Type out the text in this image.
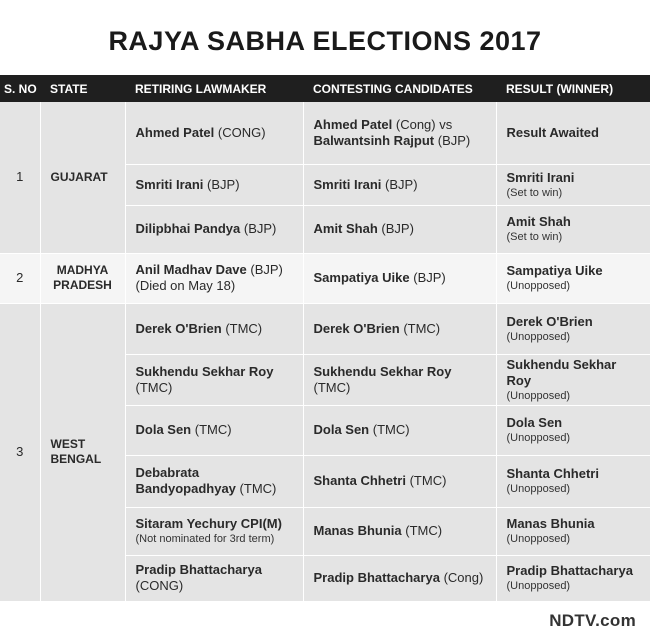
RAJYA SABHA ELECTIONS 2017
S. NO	STATE	RETIRING LAWMAKER	CONTESTING CANDIDATES	RESULT (WINNER)
1	GUJARAT	Ahmed Patel (CONG)	Ahmed Patel (Cong) vs
Balwantsinh Rajput (BJP)	Result Awaited

		Smriti Irani (BJP)	Smriti Irani (BJP)	Smriti Irani
(Set to win)

		Dilipbhai Pandya (BJP)	Amit Shah (BJP)	Amit Shah
(Set to win)

2	MADHYA
PRADESH	Anil Madhav Dave (BJP)
(Died on May 18)	Sampatiya Uike (BJP)	Sampatiya Uike
(Unopposed)

3	WEST
BENGAL	Derek O'Brien (TMC)	Derek O'Brien (TMC)	Derek O'Brien
(Unopposed)

		Sukhendu Sekhar Roy
(TMC)	Sukhendu Sekhar Roy (TMC)	Sukhendu Sekhar Roy
(Unopposed)

		Dola Sen (TMC)	Dola Sen (TMC)	Dola Sen
(Unopposed)

		Debabrata
Bandyopadhyay (TMC)	Shanta Chhetri (TMC)	Shanta Chhetri
(Unopposed)

		Sitaram Yechury CPI(M)
(Not nominated for 3rd term)	Manas Bhunia (TMC)	Manas Bhunia
(Unopposed)

		Pradip Bhattacharya
(CONG)	Pradip Bhattacharya (Cong)	Pradip Bhattacharya
(Unopposed)
NDTV.com
